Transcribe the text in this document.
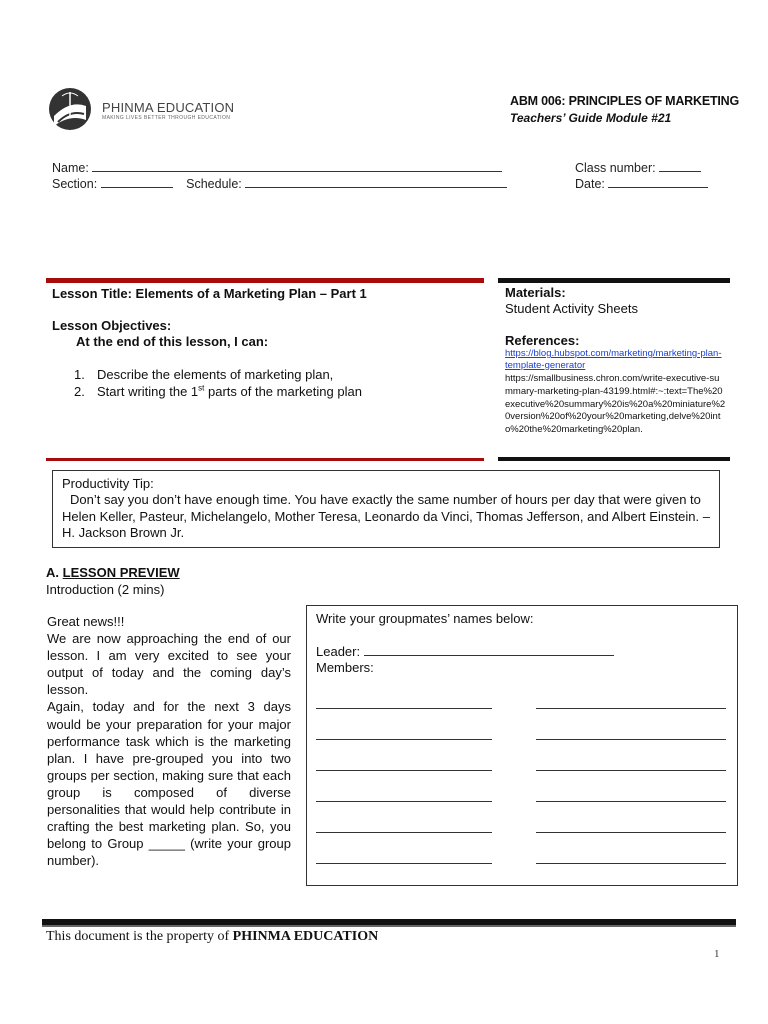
PHINMA EDUCATION
MAKING LIVES BETTER THROUGH EDUCATION
ABM 006: PRINCIPLES OF MARKETING
Teachers’ Guide Module #21
Name:
Section:	Schedule:
Class number:
Date:
Lesson Title: Elements of a Marketing Plan – Part 1
Lesson Objectives:
At the end of this lesson, I can:
1. Describe the elements of marketing plan,
2. Start writing the 1st parts of the marketing plan
Materials:
Student Activity Sheets
References:
https://blog.hubspot.com/marketing/marketing-plan-template-generator
https://smallbusiness.chron.com/write-executive-summary-marketing-plan-43199.html#:~:text=The%20executive%20summary%20is%20a%20miniature%20version%20of%20your%20marketing,delve%20into%20the%20marketing%20plan.
Productivity Tip:
Don’t say you don’t have enough time. You have exactly the same number of hours per day that were given to Helen Keller, Pasteur, Michelangelo, Mother Teresa, Leonardo da Vinci, Thomas Jefferson, and Albert Einstein. – H. Jackson Brown Jr.
A. LESSON PREVIEW
Introduction (2 mins)

Great news!!!

We are now approaching the end of our lesson. I am very excited to see your output of today and the coming day’s lesson.

Again, today and for the next 3 days would be your preparation for your major performance task which is the marketing plan. I have pre-grouped you into two groups per section, making sure that each group is composed of diverse personalities that would help contribute in crafting the best marketing plan. So, you belong to Group _____ (write your group number).

Write your groupmates’ names below:
Leader:
Members:
This document is the property of PHINMA EDUCATION
1
